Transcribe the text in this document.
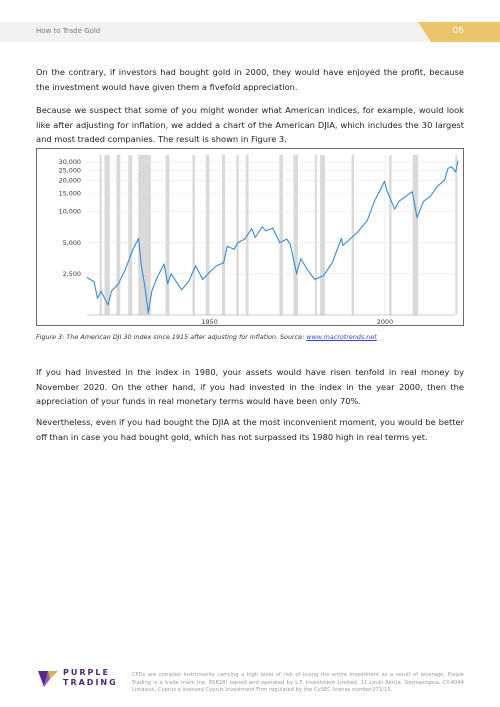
How to Trade Gold	06

On the contrary, if investors had bought gold in 2000, they would have enjoyed the profit, because the investment would have given them a fivefold appreciation.

Because we suspect that some of you might wonder what American indices, for example, would look like after adjusting for inflation, we added a chart of the American DJIA, which includes the 30 largest and most traded companies. The result is shown in Figure 3.

30,000
25,000
20,000
15,000
10,000
5,000
2,500
1950	2000
Figure 3: The American DJI 30 index since 1915 after adjusting for inflation. Source: www.macrotrends.net

If you had invested in the index in 1980, your assets would have risen tenfold in real money by November 2020. On the other hand, if you had invested in the index in the year 2000, then the appreciation of your funds in real monetary terms would have been only 70%.

Nevertheless, even if you had bought the DJIA at the most inconvenient moment, you would be better off than in case you had bought gold, which has not surpassed its 1980 high in real terms yet.

PURPLE
TRADING

CFDs are complex instruments carrying a high level of risk of losing the entire investment as a result of leverage. Purple Trading is a trade mark (no. 85818) owned and operated by L.F. Investment Limited, 11 Louki Akrita, Germasogeia, CY-4044 Limassol, Cyprus a licensed Cyprus Investment Firm regulated by the CySEC license number271/15.
